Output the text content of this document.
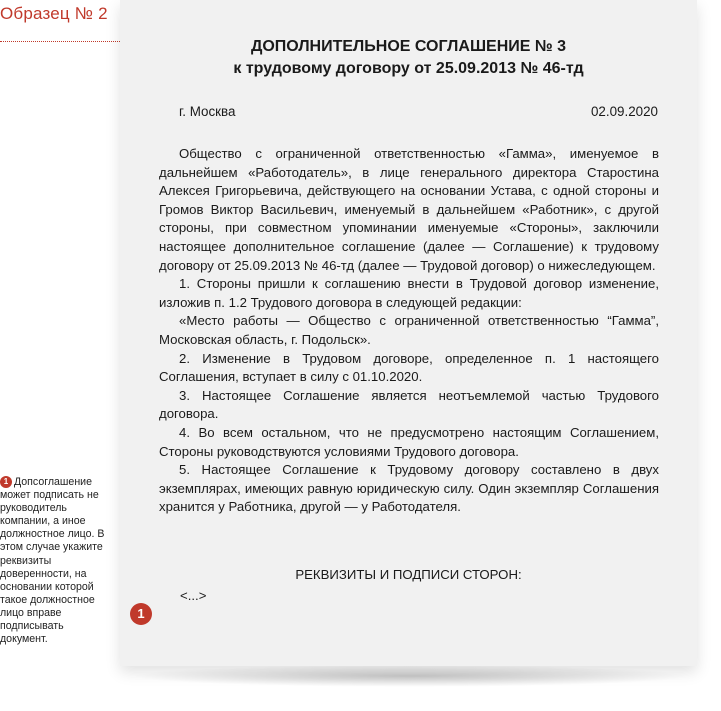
Образец № 2
1 Допсоглашение может подписать не руководитель компании, а иное должностное лицо. В этом случае укажите реквизиты доверенности, на основании которой такое должностное лицо вправе подписывать документ.
ДОПОЛНИТЕЛЬНОЕ СОГЛАШЕНИЕ № 3
к трудовому договору от 25.09.2013 № 46-тд
г. Москва	02.09.2020

Общество с ограниченной ответственностью «Гамма», именуемое в дальнейшем «Работодатель», в лице генерального директора Старостина Алексея Григорьевича, действующего на основании Устава, с одной стороны и Громов Виктор Васильевич, именуемый в дальнейшем «Работник», с другой стороны, при совместном упоминании именуемые «Стороны», заключили настоящее дополнительное соглашение (далее — Соглашение) к трудовому договору от 25.09.2013 № 46-тд (далее — Трудовой договор) о нижеследующем.

1. Стороны пришли к соглашению внести в Трудовой договор изменение, изложив п. 1.2 Трудового договора в следующей редакции:

«Место работы — Общество с ограниченной ответственностью “Гамма”, Московская область, г. Подольск».

2. Изменение в Трудовом договоре, определенное п. 1 настоящего Соглашения, вступает в силу с 01.10.2020.

3. Настоящее Соглашение является неотъемлемой частью Трудового договора.

4. Во всем остальном, что не предусмотрено настоящим Соглашением, Стороны руководствуются условиями Трудового договора.

5. Настоящее Соглашение к Трудовому договору составлено в двух экземплярах, имеющих равную юридическую силу. Один экземпляр Соглашения хранится у Работника, другой — у Работодателя.

РЕКВИЗИТЫ И ПОДПИСИ СТОРОН:
<...>
1
